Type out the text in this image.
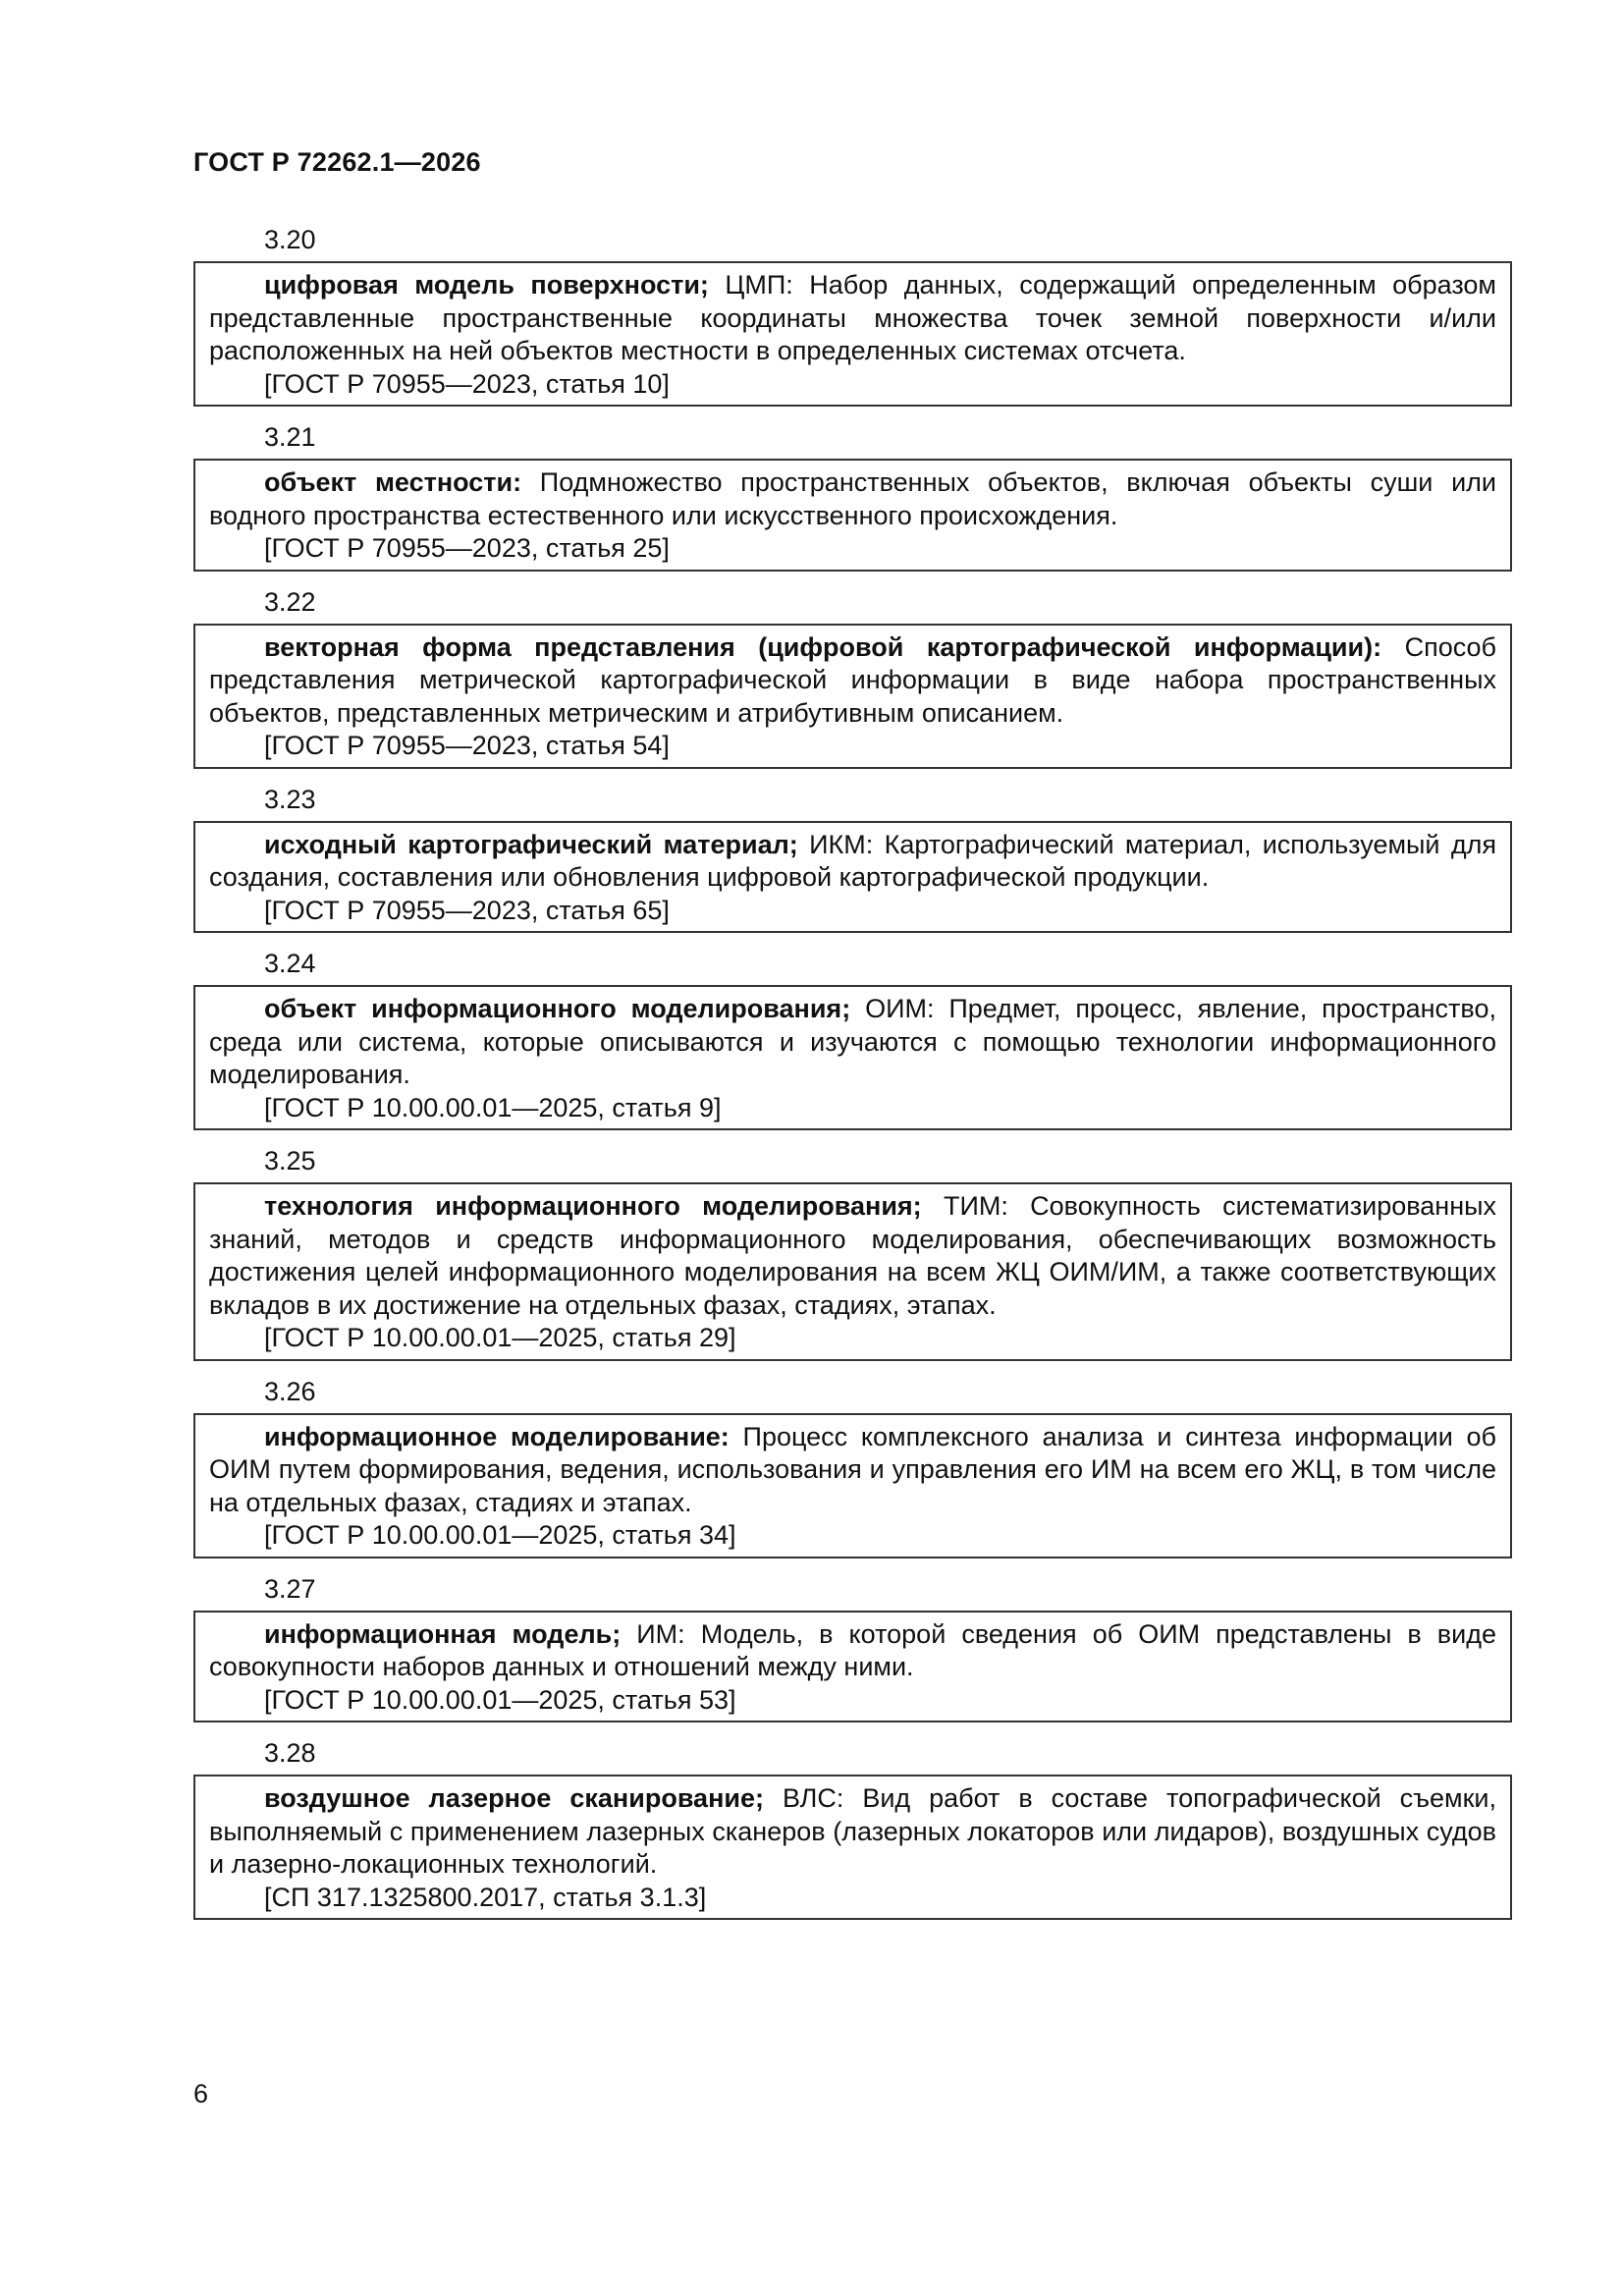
ГОСТ Р 72262.1—2026
3.20
цифровая модель поверхности; ЦМП: Набор данных, содержащий определенным образом представленные пространственные координаты множества точек земной поверхности и/или расположенных на ней объектов местности в определенных системах отсчета.
[ГОСТ Р 70955—2023, статья 10]
3.21
объект местности: Подмножество пространственных объектов, включая объекты суши или водного пространства естественного или искусственного происхождения.
[ГОСТ Р 70955—2023, статья 25]
3.22
векторная форма представления (цифровой картографической информации): Способ представления метрической картографической информации в виде набора пространственных объектов, представленных метрическим и атрибутивным описанием.
[ГОСТ Р 70955—2023, статья 54]
3.23
исходный картографический материал; ИКМ: Картографический материал, используемый для создания, составления или обновления цифровой картографической продукции.
[ГОСТ Р 70955—2023, статья 65]
3.24
объект информационного моделирования; ОИМ: Предмет, процесс, явление, пространство, среда или система, которые описываются и изучаются с помощью технологии информационного моделирования.
[ГОСТ Р 10.00.00.01—2025, статья 9]
3.25
технология информационного моделирования; ТИМ: Совокупность систематизированных знаний, методов и средств информационного моделирования, обеспечивающих возможность достижения целей информационного моделирования на всем ЖЦ ОИМ/ИМ, а также соответствующих вкладов в их достижение на отдельных фазах, стадиях, этапах.
[ГОСТ Р 10.00.00.01—2025, статья 29]
3.26
информационное моделирование: Процесс комплексного анализа и синтеза информации об ОИМ путем формирования, ведения, использования и управления его ИМ на всем его ЖЦ, в том числе на отдельных фазах, стадиях и этапах.
[ГОСТ Р 10.00.00.01—2025, статья 34]
3.27
информационная модель; ИМ: Модель, в которой сведения об ОИМ представлены в виде совокупности наборов данных и отношений между ними.
[ГОСТ Р 10.00.00.01—2025, статья 53]
3.28
воздушное лазерное сканирование; ВЛС: Вид работ в составе топографической съемки, выполняемый с применением лазерных сканеров (лазерных локаторов или лидаров), воздушных судов и лазерно-локационных технологий.
[СП 317.1325800.2017, статья 3.1.3]
6
